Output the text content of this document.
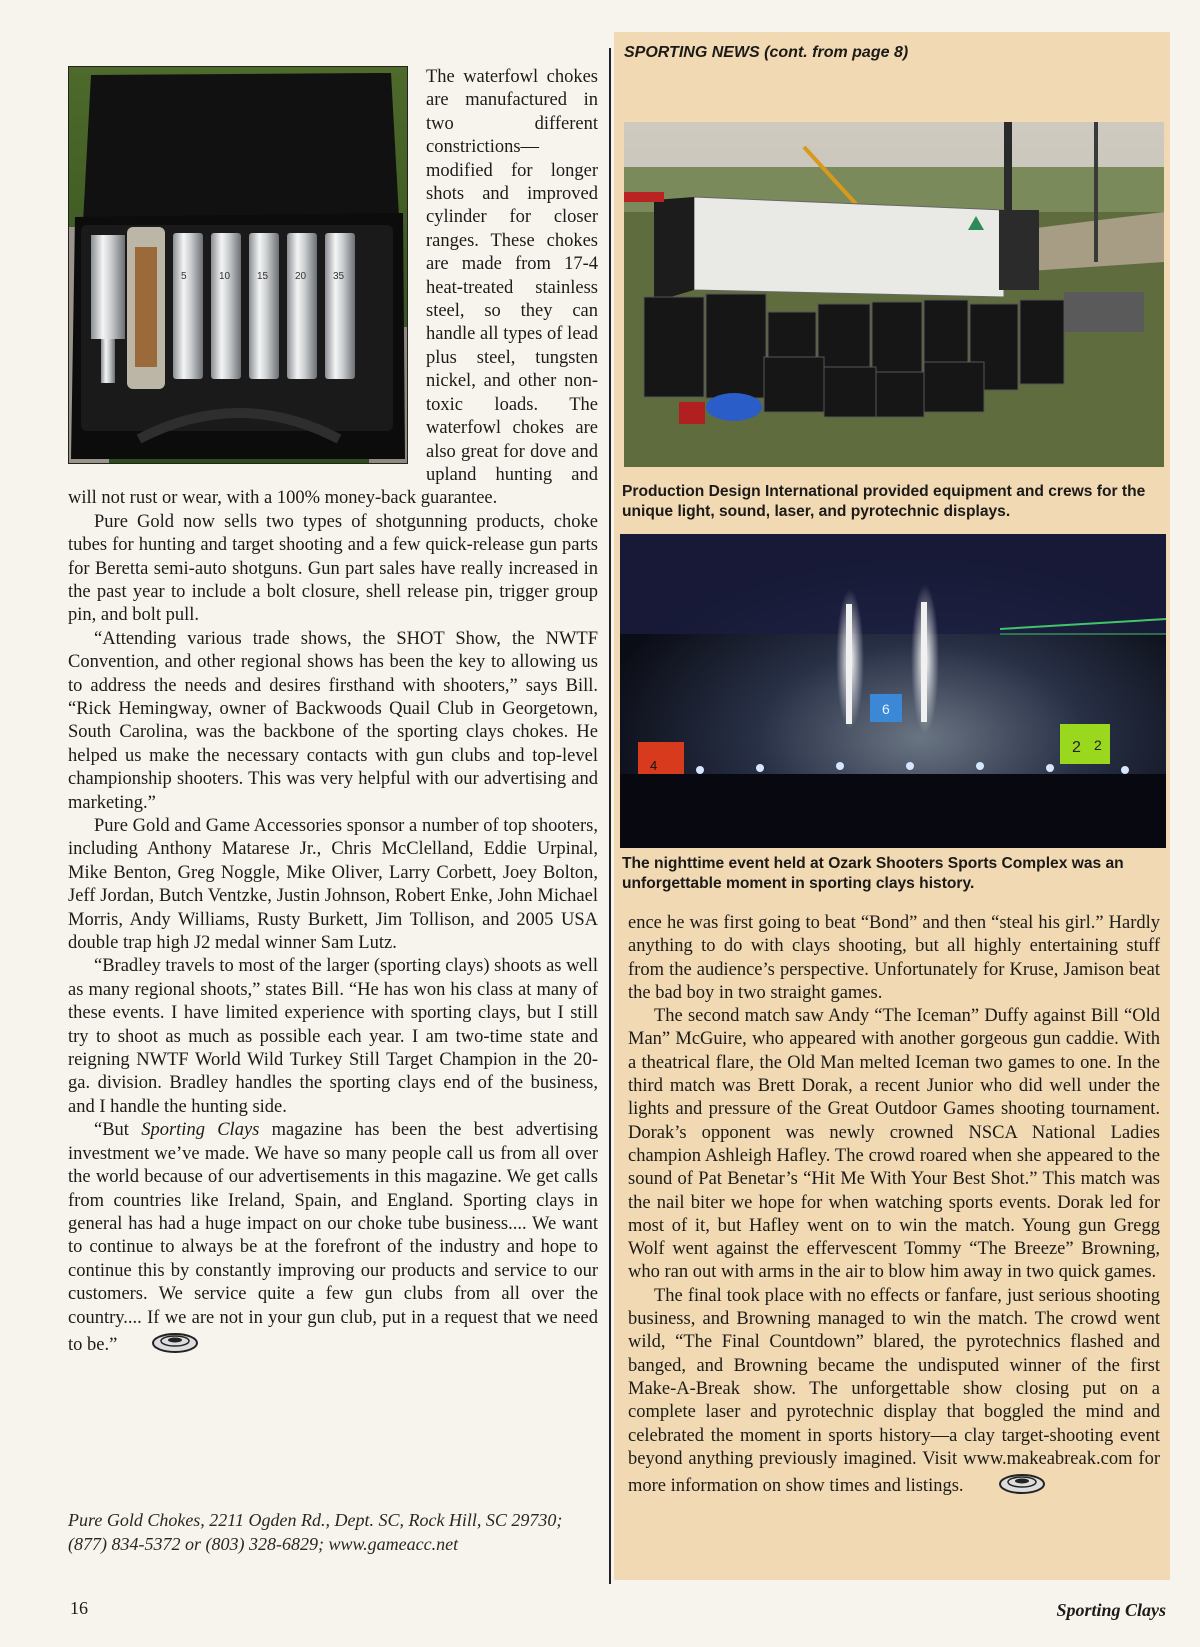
5	10	15	20	35

The waterfowl chokes are manufactured in two different constrictions—modified for longer shots and improved cylinder for closer ranges. These chokes are made from 17-4 heat-treated stainless steel, so they can handle all types of lead plus steel, tungsten nickel, and other non-toxic loads. The waterfowl chokes are also great for dove and upland hunting and will not rust or wear, with a 100% money-back guarantee.

Pure Gold now sells two types of shotgunning products, choke tubes for hunting and target shooting and a few quick-release gun parts for Beretta semi-auto shotguns. Gun part sales have really increased in the past year to include a bolt closure, shell release pin, trigger group pin, and bolt pull.

“Attending various trade shows, the SHOT Show, the NWTF Convention, and other regional shows has been the key to allowing us to address the needs and desires firsthand with shooters,” says Bill. “Rick Hemingway, owner of Backwoods Quail Club in Georgetown, South Carolina, was the backbone of the sporting clays chokes. He helped us make the necessary contacts with gun clubs and top-level championship shooters. This was very helpful with our advertising and marketing.”

Pure Gold and Game Accessories sponsor a number of top shooters, including Anthony Matarese Jr., Chris McClelland, Eddie Urpinal, Mike Benton, Greg Noggle, Mike Oliver, Larry Corbett, Joey Bolton, Jeff Jordan, Butch Ventzke, Justin Johnson, Robert Enke, John Michael Morris, Andy Williams, Rusty Burkett, Jim Tollison, and 2005 USA double trap high J2 medal winner Sam Lutz.

“Bradley travels to most of the larger (sporting clays) shoots as well as many regional shoots,” states Bill. “He has won his class at many of these events. I have limited experience with sporting clays, but I still try to shoot as much as possible each year. I am two-time state and reigning NWTF World Wild Turkey Still Target Champion in the 20-ga. division. Bradley handles the sporting clays end of the business, and I handle the hunting side.

“But Sporting Clays magazine has been the best advertising investment we’ve made. We have so many people call us from all over the world because of our advertisements in this magazine. We get calls from countries like Ireland, Spain, and England. Sporting clays in general has had a huge impact on our choke tube business.... We want to continue to always be at the forefront of the industry and hope to continue this by constantly improving our products and service to our customers. We service quite a few gun clubs from all over the country.... If we are not in your gun club, put in a request that we need to be.”

Pure Gold Chokes, 2211 Ogden Rd., Dept. SC, Rock Hill, SC 29730; (877) 834-5372 or (803) 328-6829; www.gameacc.net
SPORTING NEWS (cont. from page 8)
Production Design International provided equipment and crews for the unique light, sound, laser, and pyrotechnic displays.
6
2 2
4
The nighttime event held at Ozark Shooters Sports Complex was an unforgettable moment in sporting clays history.

ence he was first going to beat “Bond” and then “steal his girl.” Hardly anything to do with clays shooting, but all highly entertaining stuff from the audience’s perspective. Unfortunately for Kruse, Jamison beat the bad boy in two straight games.

The second match saw Andy “The Iceman” Duffy against Bill “Old Man” McGuire, who appeared with another gorgeous gun caddie. With a theatrical flare, the Old Man melted Iceman two games to one. In the third match was Brett Dorak, a recent Junior who did well under the lights and pressure of the Great Outdoor Games shooting tournament. Dorak’s opponent was newly crowned NSCA National Ladies champion Ashleigh Hafley. The crowd roared when she appeared to the sound of Pat Benetar’s “Hit Me With Your Best Shot.” This match was the nail biter we hope for when watching sports events. Dorak led for most of it, but Hafley went on to win the match. Young gun Gregg Wolf went against the effervescent Tommy “The Breeze” Browning, who ran out with arms in the air to blow him away in two quick games.

The final took place with no effects or fanfare, just serious shooting business, and Browning managed to win the match. The crowd went wild, “The Final Countdown” blared, the pyrotechnics flashed and banged, and Browning became the undisputed winner of the first Make-A-Break show. The unforgettable show closing put on a complete laser and pyrotechnic display that boggled the mind and celebrated the moment in sports history—a clay target-shooting event beyond anything previously imagined. Visit www.makeabreak.com for more information on show times and listings.

16	Sporting Clays
